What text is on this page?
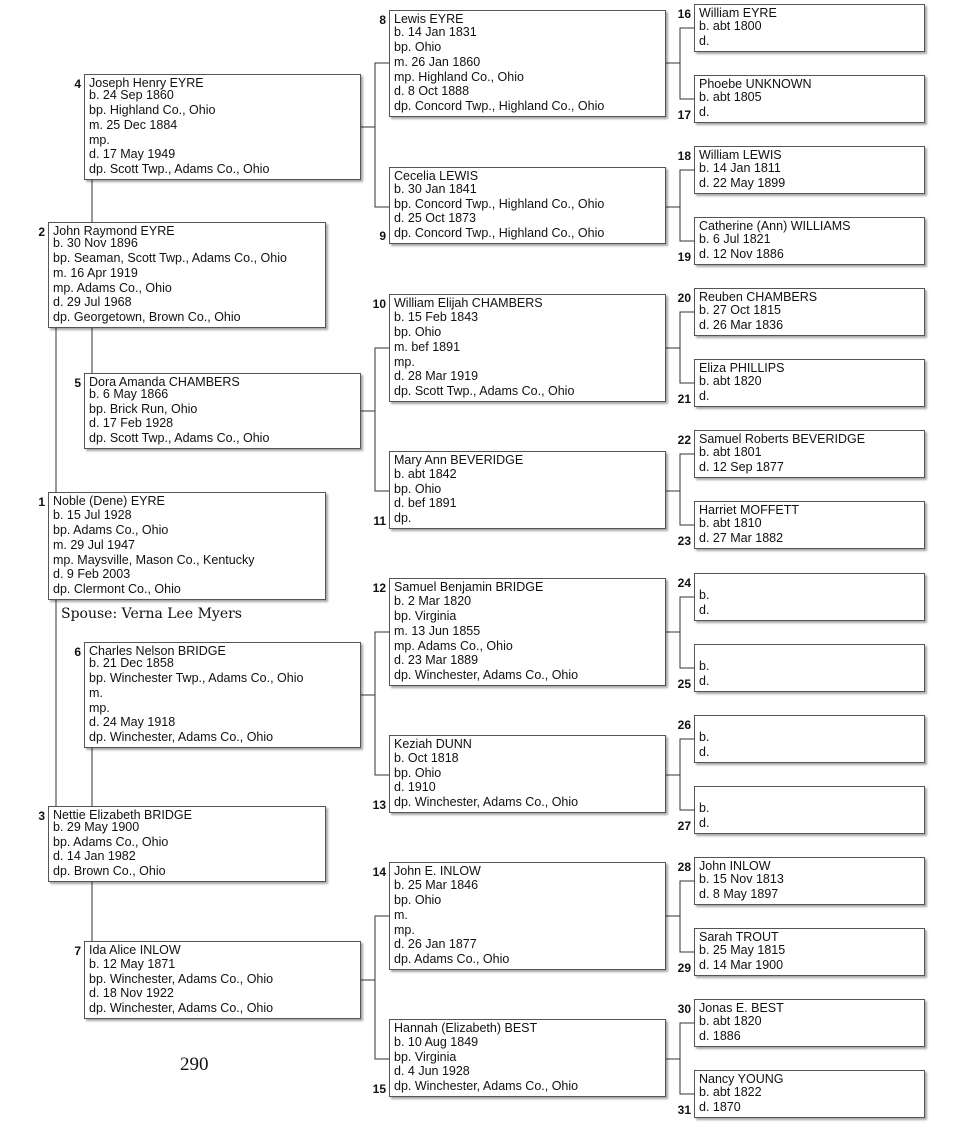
1 Noble (Dene) EYRE
b. 15 Jul 1928
bp. Adams Co., Ohio
m. 29 Jul 1947
mp. Maysville, Mason Co., Kentucky
d. 9 Feb 2003
dp. Clermont Co., Ohio
2 John Raymond EYRE
b. 30 Nov 1896
bp. Seaman, Scott Twp., Adams Co., Ohio
m. 16 Apr 1919
mp. Adams Co., Ohio
d. 29 Jul 1968
dp. Georgetown, Brown Co., Ohio
3 Nettie Elizabeth BRIDGE
b. 29 May 1900
bp. Adams Co., Ohio
d. 14 Jan 1982
dp. Brown Co., Ohio
4 Joseph Henry EYRE
b. 24 Sep 1860
bp. Highland Co., Ohio
m. 25 Dec 1884
mp.
d. 17 May 1949
dp. Scott Twp., Adams Co., Ohio
5 Dora Amanda CHAMBERS
b. 6 May 1866
bp. Brick Run, Ohio
d. 17 Feb 1928
dp. Scott Twp., Adams Co., Ohio
6 Charles Nelson BRIDGE
b. 21 Dec 1858
bp. Winchester Twp., Adams Co., Ohio
m.
mp.
d. 24 May 1918
dp. Winchester, Adams Co., Ohio
7 Ida Alice INLOW
b. 12 May 1871
bp. Winchester, Adams Co., Ohio
d. 18 Nov 1922
dp. Winchester, Adams Co., Ohio
8 Lewis EYRE
b. 14 Jan 1831
bp. Ohio
m. 26 Jan 1860
mp. Highland Co., Ohio
d. 8 Oct 1888
dp. Concord Twp., Highland Co., Ohio
9
Cecelia LEWIS
b. 30 Jan 1841
bp. Concord Twp., Highland Co., Ohio
d. 25 Oct 1873
dp. Concord Twp., Highland Co., Ohio
10 William Elijah CHAMBERS
b. 15 Feb 1843
bp. Ohio
m. bef 1891
mp.
d. 28 Mar 1919
dp. Scott Twp., Adams Co., Ohio
11
Mary Ann BEVERIDGE
b. abt 1842
bp. Ohio
d. bef 1891
dp.
12 Samuel Benjamin BRIDGE
b. 2 Mar 1820
bp. Virginia
m. 13 Jun 1855
mp. Adams Co., Ohio
d. 23 Mar 1889
dp. Winchester, Adams Co., Ohio
13
Keziah DUNN
b. Oct 1818
bp. Ohio
d. 1910
dp. Winchester, Adams Co., Ohio
14 John E. INLOW
b. 25 Mar 1846
bp. Ohio
m.
mp.
d. 26 Jan 1877
dp. Adams Co., Ohio
15
Hannah (Elizabeth) BEST
b. 10 Aug 1849
bp. Virginia
d. 4 Jun 1928
dp. Winchester, Adams Co., Ohio
16 William EYRE
b. abt 1800
d.
17
Phoebe UNKNOWN
b. abt 1805
d.
18 William LEWIS
b. 14 Jan 1811
d. 22 May 1899
19
Catherine (Ann) WILLIAMS
b. 6 Jul 1821
d. 12 Nov 1886
20 Reuben CHAMBERS
b. 27 Oct 1815
d. 26 Mar 1836
21
Eliza PHILLIPS
b. abt 1820
d.
22 Samuel Roberts BEVERIDGE
b. abt 1801
d. 12 Sep 1877
23
Harriet MOFFETT
b. abt 1810
d. 27 Mar 1882
24
b.
d.
25
b.
d.
26
b.
d.
27
b.
d.
28 John INLOW
b. 15 Nov 1813
d. 8 May 1897
29
Sarah TROUT
b. 25 May 1815
d. 14 Mar 1900
30 Jonas E. BEST
b. abt 1820
d. 1886
31
Nancy YOUNG
b. abt 1822
d. 1870
Spouse: Verna Lee Myers
290
